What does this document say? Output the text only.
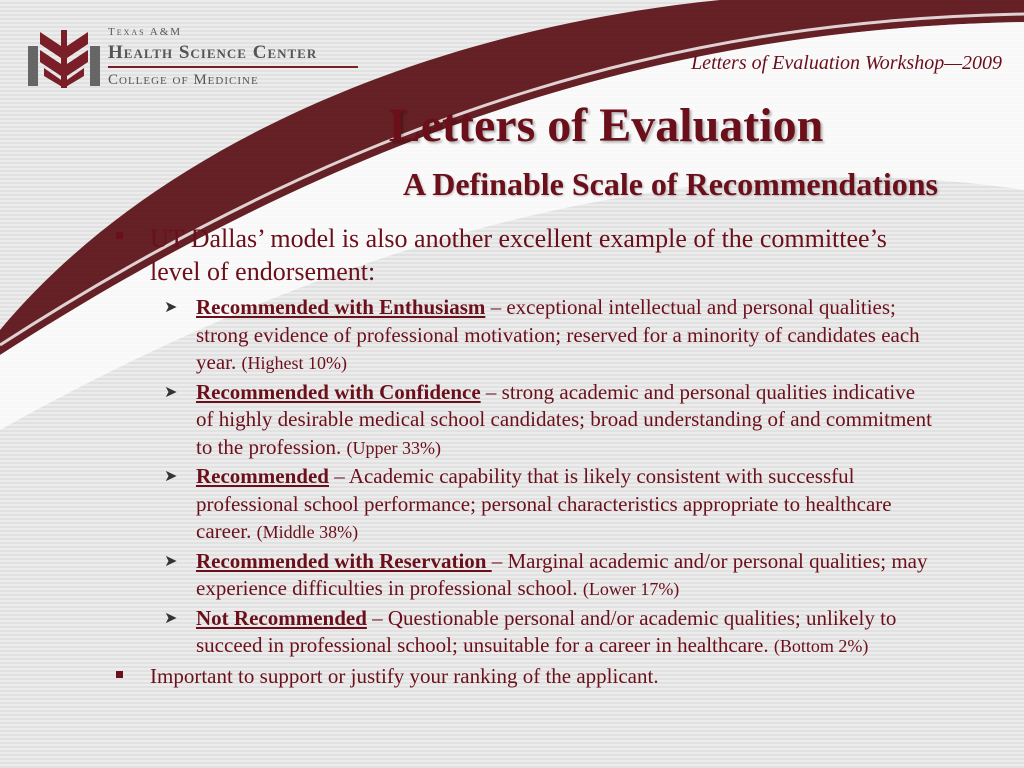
Texas A&M
Health Science Center
College of Medicine
Letters of Evaluation Workshop—2009
Letters of Evaluation
A Definable Scale of Recommendations
UT Dallas’ model is also another excellent example of the committee’s level of endorsement:
➤ Recommended with Enthusiasm – exceptional intellectual and personal qualities; strong evidence of professional motivation; reserved for a minority of candidates each year. (Highest 10%)
➤ Recommended with Confidence – strong academic and personal qualities indicative of highly desirable medical school candidates; broad understanding of and commitment to the profession. (Upper 33%)
➤ Recommended – Academic capability that is likely consistent with successful professional school performance; personal characteristics appropriate to healthcare career. (Middle 38%)
➤ Recommended with Reservation – Marginal academic and/or personal qualities; may experience difficulties in professional school. (Lower 17%)
➤ Not Recommended – Questionable personal and/or academic qualities; unlikely to succeed in professional school; unsuitable for a career in healthcare. (Bottom 2%)
Important to support or justify your ranking of the applicant.
